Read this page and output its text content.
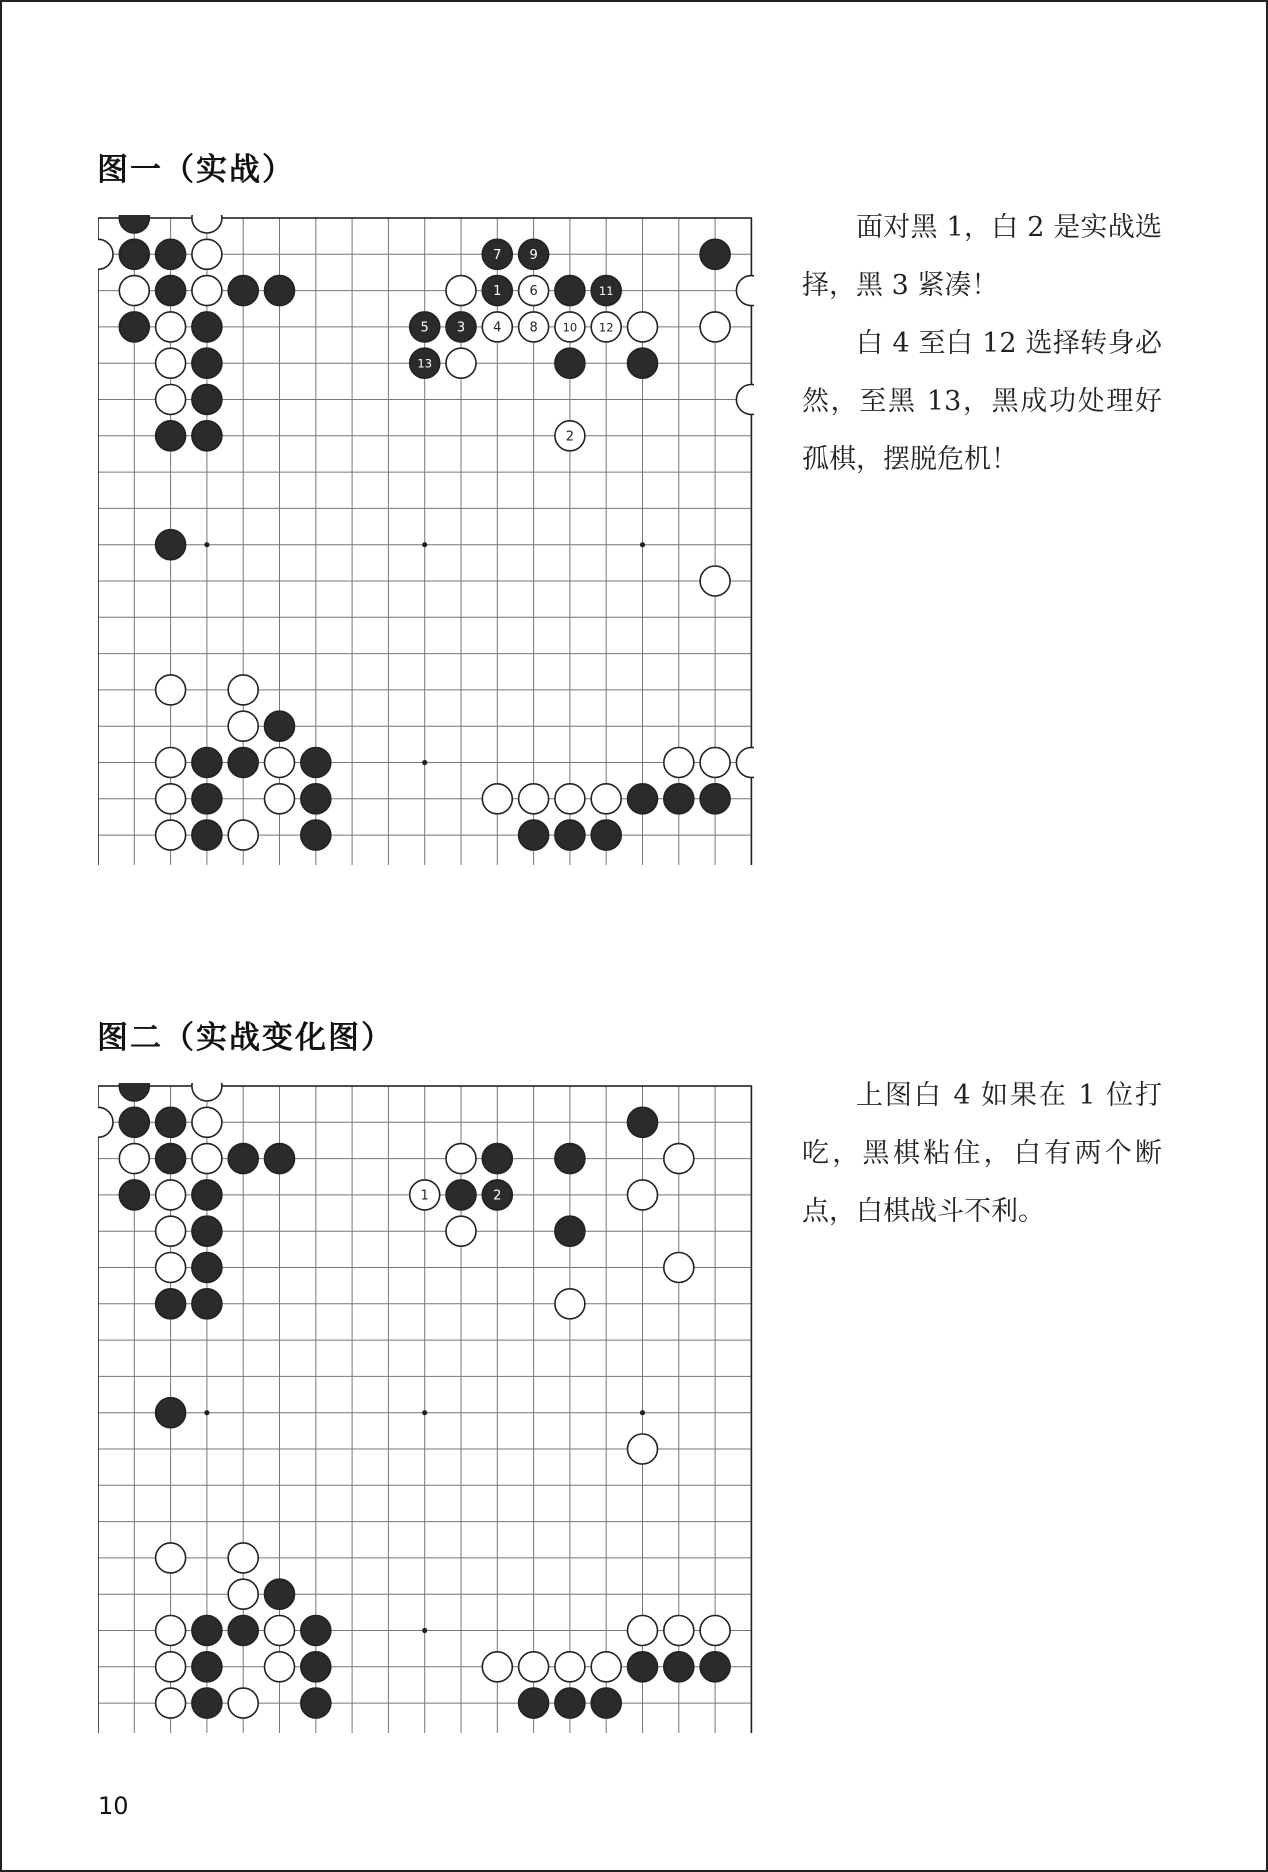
图一（实战）
7 9
1	11
5 3
13
6
4 8 10 12
2

面对黑 1，白 2 是实战选择，黑 3 紧凑！

白 4 至白 12 选择转身必然，至黑 13，黑成功处理好孤棋，摆脱危机！

图二（实战变化图）
2
1

上图白 4 如果在 1 位打吃，黑棋粘住，白有两个断点，白棋战斗不利。

10
